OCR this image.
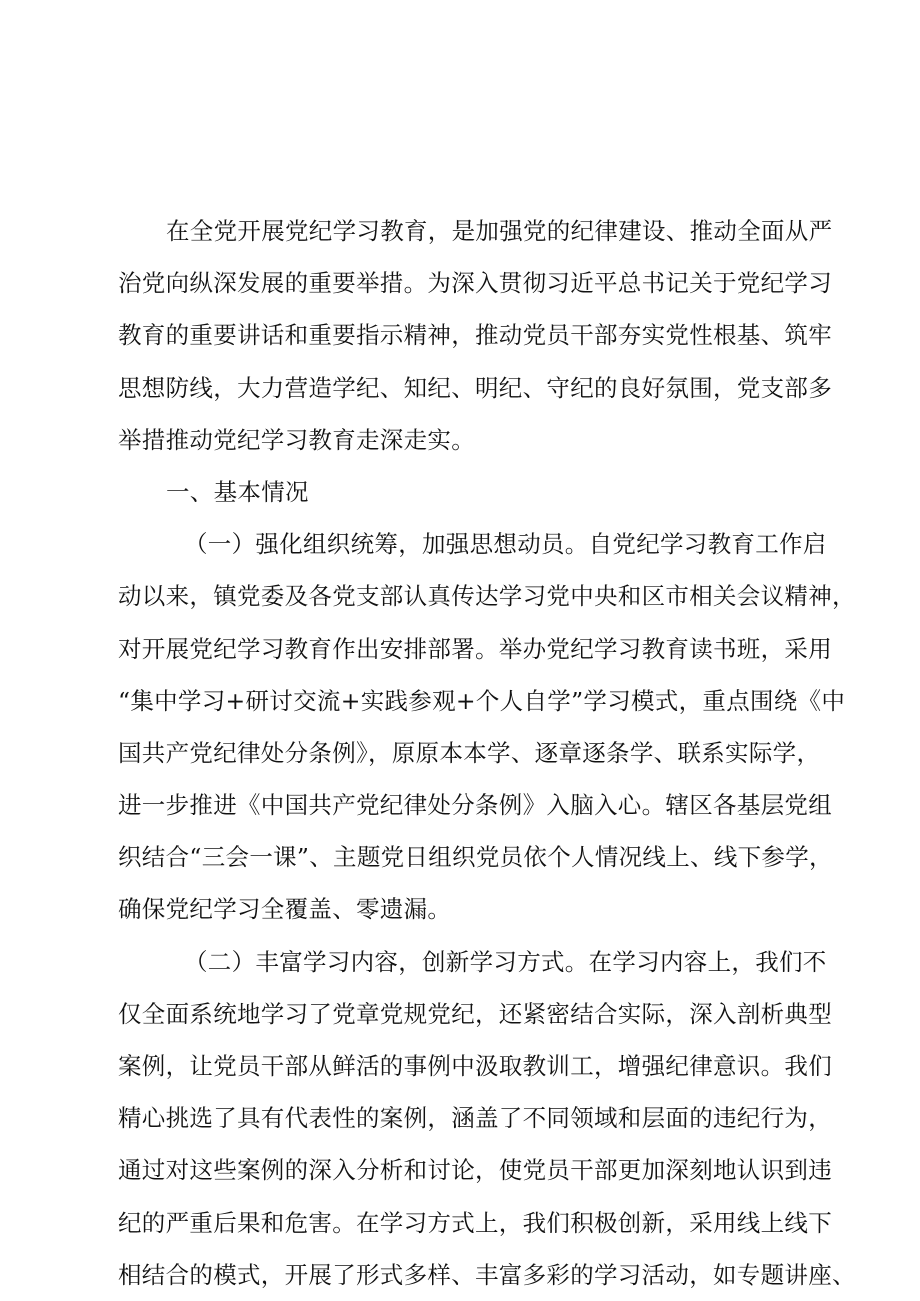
在全党开展党纪学习教育，是加强党的纪律建设、推动全面从严
治党向纵深发展的重要举措。为深入贯彻习近平总书记关于党纪学习
教育的重要讲话和重要指示精神，推动党员干部夯实党性根基、筑牢
思想防线，大力营造学纪、知纪、明纪、守纪的良好氛围，党支部多
举措推动党纪学习教育走深走实。
一、基本情况
（一）强化组织统筹，加强思想动员。自党纪学习教育工作启
动以来，镇党委及各党支部认真传达学习党中央和区市相关会议精神，
对开展党纪学习教育作出安排部署。举办党纪学习教育读书班，采用
“集中学习+研讨交流+实践参观+个人自学”学习模式，重点围绕《中
国共产党纪律处分条例》，原原本本学、逐章逐条学、联系实际学，
进一步推进《中国共产党纪律处分条例》入脑入心。辖区各基层党组
织结合“三会一课”、主题党日组织党员依个人情况线上、线下参学，
确保党纪学习全覆盖、零遗漏。
（二）丰富学习内容，创新学习方式。在学习内容上，我们不
仅全面系统地学习了党章党规党纪，还紧密结合实际，深入剖析典型
案例，让党员干部从鲜活的事例中汲取教训工，增强纪律意识。我们
精心挑选了具有代表性的案例，涵盖了不同领域和层面的违纪行为，
通过对这些案例的深入分析和讨论，使党员干部更加深刻地认识到违
纪的严重后果和危害。在学习方式上，我们积极创新，采用线上线下
相结合的模式，开展了形式多样、丰富多彩的学习活动，如专题讲座、
